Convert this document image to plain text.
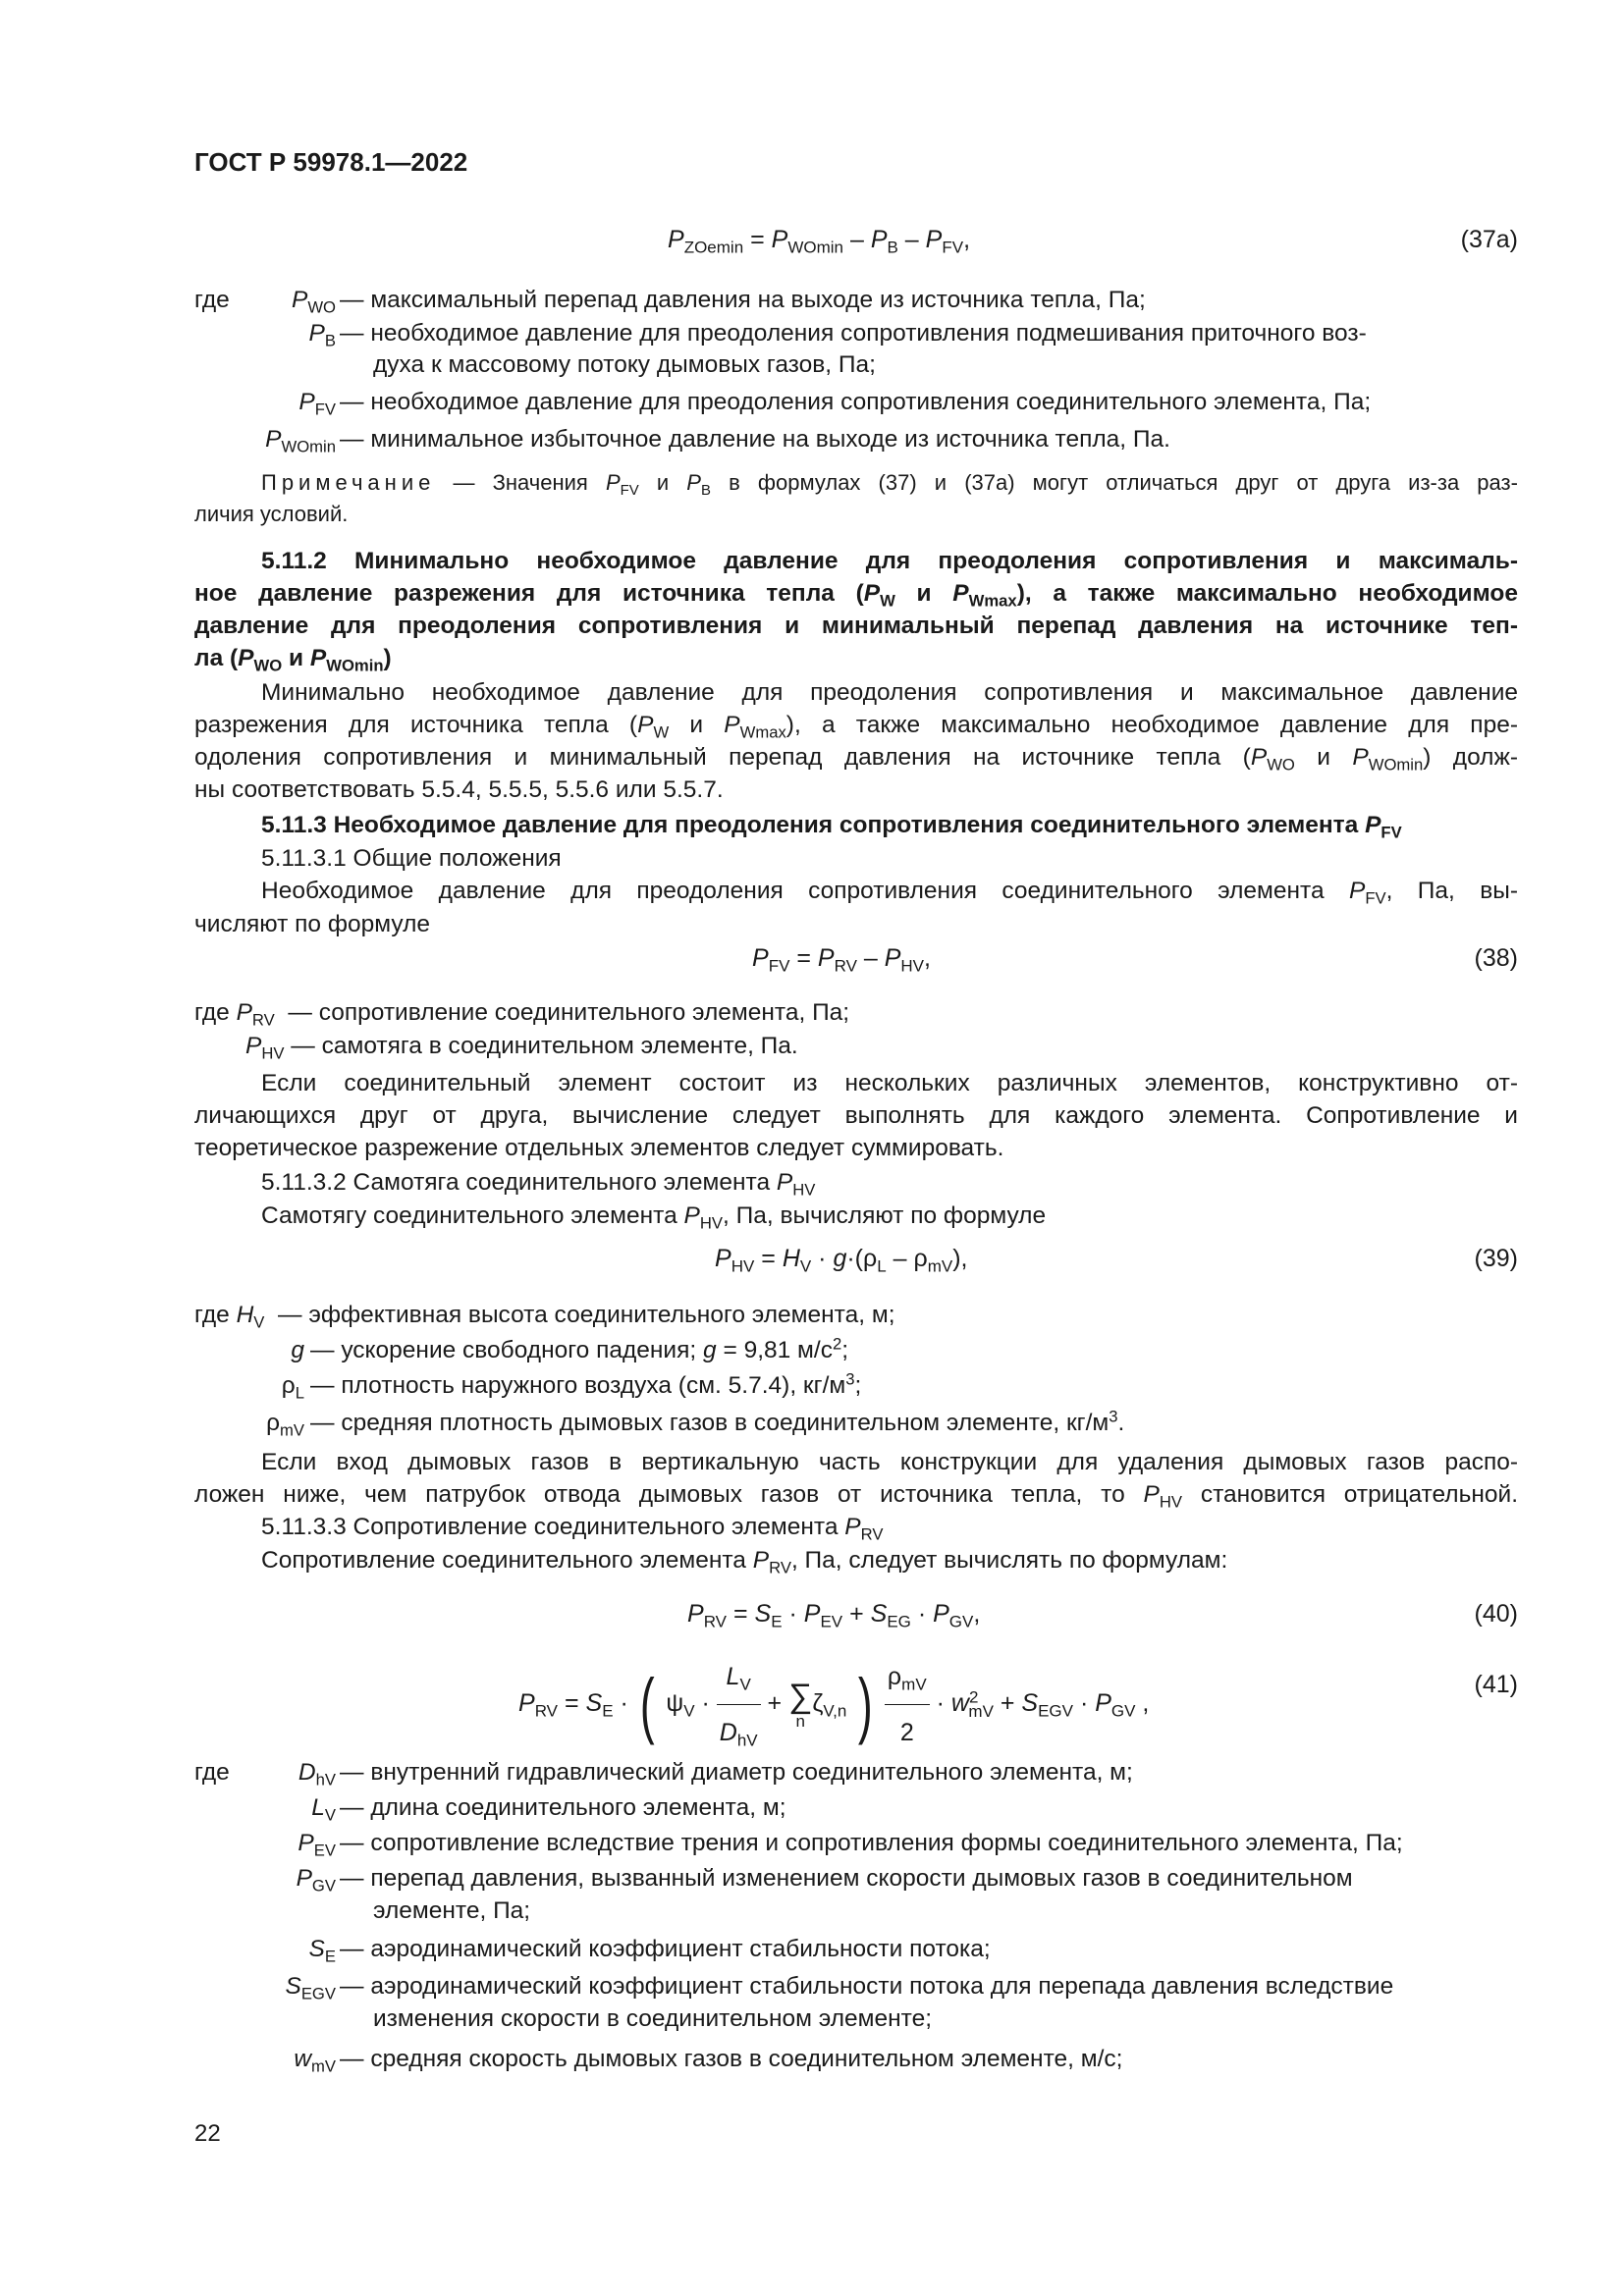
ГОСТ Р 59978.1—2022
$P_{ZOemin} = P_{WOmin} - P_B - P_{FV}$,	(37а)
где	$P_{WO}$ — максимальный перепад давления на выходе из источника тепла, Па;
$P_B$ — необходимое давление для преодоления сопротивления подмешивания приточного воз-
духа к массовому потоку дымовых газов, Па;
$P_{FV}$ — необходимое давление для преодоления сопротивления соединительного элемента, Па;
$P_{WOmin}$ — минимальное избыточное давление на выходе из источника тепла, Па.
Примечание — Значения $P_{FV}$ и $P_B$ в формулах (37) и (37а) могут отличаться друг от друга из-за раз-
личия условий.
5.11.2 Минимально необходимое давление для преодоления сопротивления и максималь-
ное давление разрежения для источника тепла ($P_W$ и $P_{Wmax}$), а также максимально необходимое
давление для преодоления сопротивления и минимальный перепад давления на источнике теп-
ла ($P_{WO}$ и $P_{WOmin}$)
Минимально необходимое давление для преодоления сопротивления и максимальное давление
разрежения для источника тепла ($P_W$ и $P_{Wmax}$), а также максимально необходимое давление для пре-
одоления сопротивления и минимальный перепад давления на источнике тепла ($P_{WO}$ и $P_{WOmin}$) долж-
ны соответствовать 5.5.4, 5.5.5, 5.5.6 или 5.5.7.
5.11.3 Необходимое давление для преодоления сопротивления соединительного элемента $P_{FV}$
5.11.3.1 Общие положения
Необходимое давление для преодоления сопротивления соединительного элемента $P_{FV}$, Па, вы-
числяют по формуле
$P_{FV} = P_{RV} - P_{HV}$,	(38)
где $P_{RV}$ — сопротивление соединительного элемента, Па;
$P_{HV}$ — самотяга в соединительном элементе, Па.
Если соединительный элемент состоит из нескольких различных элементов, конструктивно от-
личающихся друг от друга, вычисление следует выполнять для каждого элемента. Сопротивление и
теоретическое разрежение отдельных элементов следует суммировать.
5.11.3.2 Самотяга соединительного элемента $P_{HV}$
Самотягу соединительного элемента $P_{HV}$, Па, вычисляют по формуле
$P_{HV} = H_V \cdot g\cdot(\rho_L - \rho_{mV})$,	(39)
где $H_V$ — эффективная высота соединительного элемента, м;
g — ускорение свободного падения; g = 9,81 $м/с^2$;
$\rho_L$ — плотность наружного воздуха (см. 5.7.4), $кг/м^3$;
$\rho_{mV}$ — средняя плотность дымовых газов в соединительном элементе, $кг/м^3$.
Если вход дымовых газов в вертикальную часть конструкции для удаления дымовых газов распо-
ложен ниже, чем патрубок отвода дымовых газов от источника тепла, то $P_{HV}$ становится отрицательной.
5.11.3.3 Сопротивление соединительного элемента $P_{RV}$
Сопротивление соединительного элемента $P_{RV}$, Па, следует вычислять по формулам:
$P_{RV} = S_E \cdot P_{EV} + S_{EG} \cdot P_{GV}$,	(40)
$P_{RV} = S_E$ · ( $\psi_V \cdot \frac{L_V}{D_{hV}}$ + ∑
n
$\zeta_{V,n}$ ) $\frac{\rho_{mV}}{2} \cdot w^2_{mV} + S_{EGV} \cdot P_{GV}$ ,
(41)
где	$D_{hV}$ — внутренний гидравлический диаметр соединительного элемента, м;
$L_V$ — длина соединительного элемента, м;
$P_{EV}$ — сопротивление вследствие трения и сопротивления формы соединительного элемента, Па;
$P_{GV}$ — перепад давления, вызванный изменением скорости дымовых газов в соединительном
элементе, Па;
$S_E$ — аэродинамический коэффициент стабильности потока;
$S_{EGV}$ — аэродинамический коэффициент стабильности потока для перепада давления вследствие
изменения скорости в соединительном элементе;
$w_{mV}$ — средняя скорость дымовых газов в соединительном элементе, м/с;
22
